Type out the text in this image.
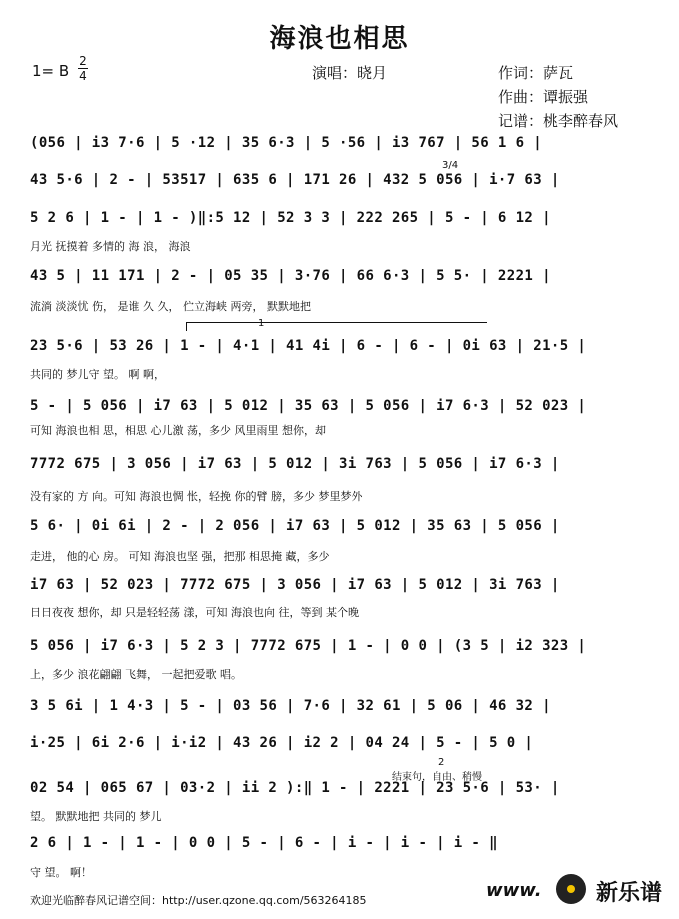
海浪也相思
1= B
2
4	演唱：晓月	作词：萨瓦
作曲：谭振强
记谱：桃李醉春风
3/4
1
2
结束句，自由、稍慢
(056 | i3 7·6 | 5 ·12 | 35 6·3 | 5 ·56 | i3 767 | 56 1 6 |
43 5·6 | 2 - | 53517 | 635 6 | 171 26 | 432 5 056 | i·7 63 |
5 2 6 | 1 - | 1 - )‖:5 12 | 52 3 3 | 222 265 | 5 - | 6 12 |
月光 抚摸着 多情的 海 浪， 海浪
43 5 | 11 171 | 2 - | 05 35 | 3·76 | 66 6·3 | 5 5· | 2221 |
流淌 淡淡忧 伤， 是谁 久 久， 伫立海峡 两旁， 默默地把
23 5·6 | 53 26 | 1 - | 4·1 | 41 4i | 6 - | 6 - | 0i 63 | 21·5 |
共同的 梦儿守 望。 啊 啊，
5 - | 5 056 | i7 63 | 5 012 | 35 63 | 5 056 | i7 6·3 | 52 023 |
可知 海浪也相 思，相思 心儿激 荡，多少 风里雨里 想你，却
7772 675 | 3 056 | i7 63 | 5 012 | 3i 763 | 5 056 | i7 6·3 |
没有家的 方 向。可知 海浪也惆 怅，轻挽 你的臂 膀，多少 梦里梦外
5 6· | 0i 6i | 2 - | 2 056 | i7 63 | 5 012 | 35 63 | 5 056 |
走进， 他的心 房。 可知 海浪也坚 强，把那 相思掩 藏，多少
i7 63 | 52 023 | 7772 675 | 3 056 | i7 63 | 5 012 | 3i 763 |
日日夜夜 想你，却 只是轻轻荡 漾，可知 海浪也向 往，等到 某个晚
5 056 | i7 6·3 | 5 2 3 | 7772 675 | 1 - | 0 0 | (3 5 | i2 323 |
上，多少 浪花翩翩 飞舞， 一起把爱歌 唱。
3 5 6i | 1 4·3 | 5 - | 03 56 | 7·6 | 32 61 | 5 06 | 46 32 |
i·25 | 6i 2·6 | i·i2 | 43 26 | i2 2 | 04 24 | 5 - | 5 0 |
02 54 | 065 67 | 03·2 | ii 2 ):‖ 1 - | 2221 | 23 5·6 | 53· |
望。 默默地把 共同的 梦儿
2 6 | 1 - | 1 - | 0 0 | 5 - | 6 - | i - | i - | i - ‖
守 望。 啊！
欢迎光临醉春风记谱空间：http://user.qzone.qq.com/563264185	www. 新乐谱
